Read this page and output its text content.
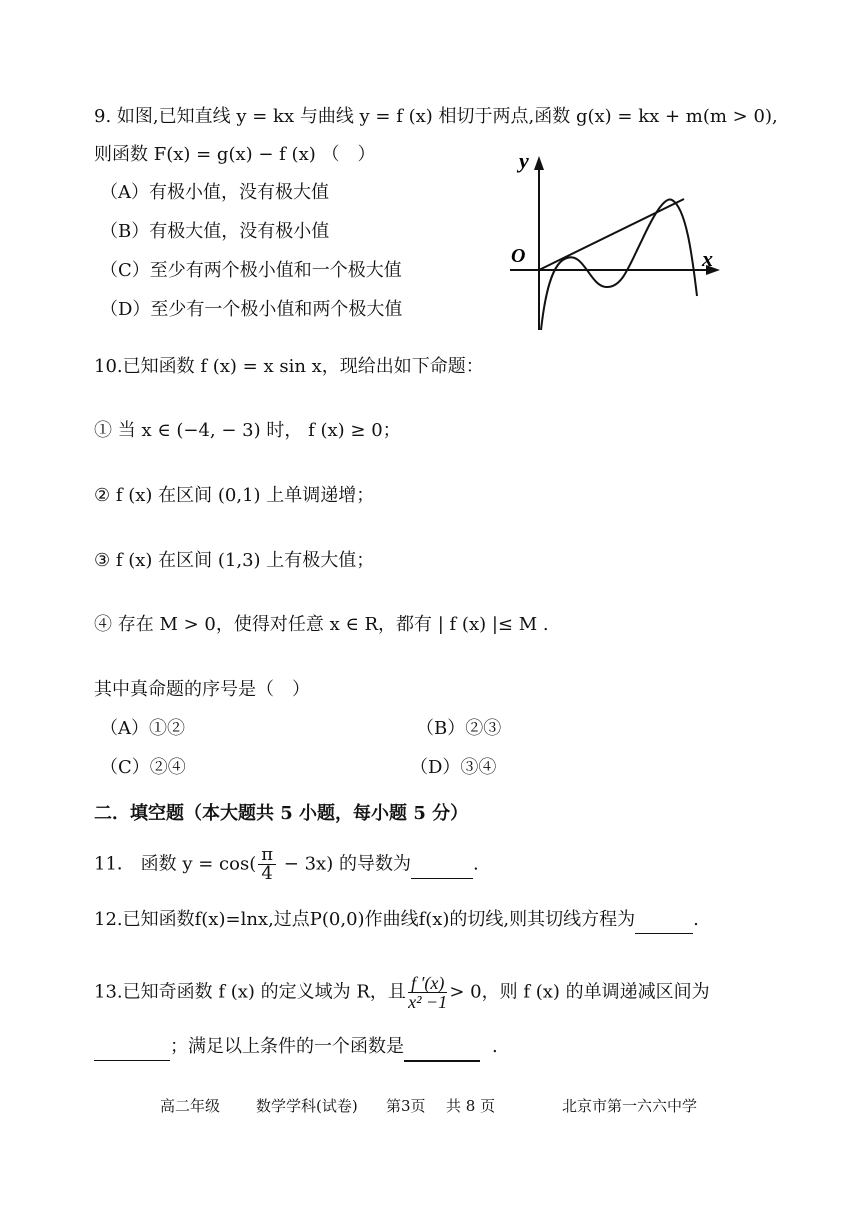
9. 如图,已知直线 y = kx 与曲线 y = f (x) 相切于两点,函数 g(x) = kx + m(m > 0),
则函数 F(x) = g(x) − f (x) （　）
（A）有极小值，没有极大值
（B）有极大值，没有极小值
（C）至少有两个极小值和一个极大值
（D）至少有一个极小值和两个极大值
y
x
O
10.已知函数 f (x) = x sin x，现给出如下命题：
① 当 x ∈ (−4, − 3) 时， f (x) ≥ 0；
② f (x) 在区间 (0,1) 上单调递增；
③ f (x) 在区间 (1,3) 上有极大值；
④ 存在 M > 0，使得对任意 x ∈ R，都有 | f (x) |≤ M .
其中真命题的序号是（　）
（A）①②	（B）②③
（C）②④	（D）③④
二．填空题（本大题共 5 小题，每小题 5 分）
11． 函数 $y = \cos( \frac{\pi}{4} - 3x)$ 的导数为	.
12.已知函数f(x)=lnx,过点P(0,0)作曲线f(x)的切线,则其切线方程为	.
13.已知奇函数 f (x) 的定义域为 R，且 $\frac{f '(x)}{\text{x² −1}} > 0$，则 f (x) 的单调递减区间为
；满足以上条件的一个函数是	.
高二年级 数学学科(试卷) 第3页 共 8 页	北京市第一六六中学
